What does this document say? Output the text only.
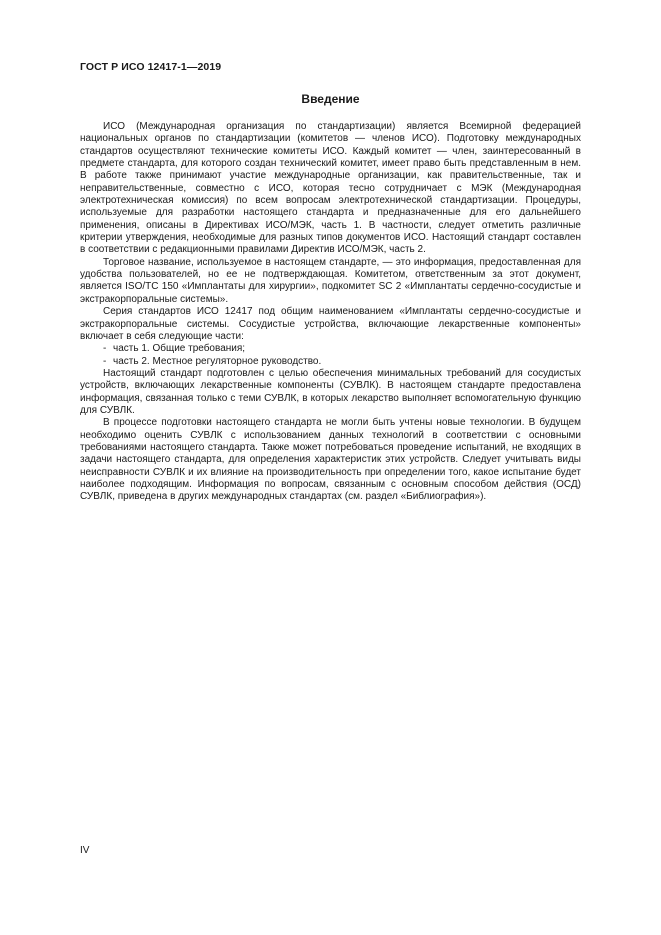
ГОСТ Р ИСО 12417-1—2019
Введение

ИСО (Международная организация по стандартизации) является Всемирной федерацией национальных органов по стандартизации (комитетов — членов ИСО). Подготовку международных стандартов осуществляют технические комитеты ИСО. Каждый комитет — член, заинтересованный в предмете стандарта, для которого создан технический комитет, имеет право быть представленным в нем. В работе также принимают участие международные организации, как правительственные, так и неправительственные, совместно с ИСО, которая тесно сотрудничает с МЭК (Международная электротехническая комиссия) по всем вопросам электротехнической стандартизации. Процедуры, используемые для разработки настоящего стандарта и предназначенные для его дальнейшего применения, описаны в Директивах ИСО/МЭК, часть 1. В частности, следует отметить различные критерии утверждения, необходимые для разных типов документов ИСО. Настоящий стандарт составлен в соответствии с редакционными правилами Директив ИСО/МЭК, часть 2.

Торговое название, используемое в настоящем стандарте, — это информация, предоставленная для удобства пользователей, но ее не подтверждающая. Комитетом, ответственным за этот документ, является ISO/TC 150 «Имплантаты для хирургии», подкомитет SC 2 «Имплантаты сердечно-сосудистые и экстракорпоральные системы».

Серия стандартов ИСО 12417 под общим наименованием «Имплантаты сердечно-сосудистые и экстракорпоральные системы. Сосудистые устройства, включающие лекарственные компоненты» включает в себя следующие части:

- часть 1. Общие требования;
- часть 2. Местное регуляторное руководство.

Настоящий стандарт подготовлен с целью обеспечения минимальных требований для сосудистых устройств, включающих лекарственные компоненты (СУВЛК). В настоящем стандарте предоставлена информация, связанная только с теми СУВЛК, в которых лекарство выполняет вспомогательную функцию для СУВЛК.

В процессе подготовки настоящего стандарта не могли быть учтены новые технологии. В будущем необходимо оценить СУВЛК с использованием данных технологий в соответствии с основными требованиями настоящего стандарта. Также может потребоваться проведение испытаний, не входящих в задачи настоящего стандарта, для определения характеристик этих устройств. Следует учитывать виды неисправности СУВЛК и их влияние на производительность при определении того, какое испытание будет наиболее подходящим. Информация по вопросам, связанным с основным способом действия (ОСД) СУВЛК, приведена в других международных стандартах (см. раздел «Библиография»).

IV
